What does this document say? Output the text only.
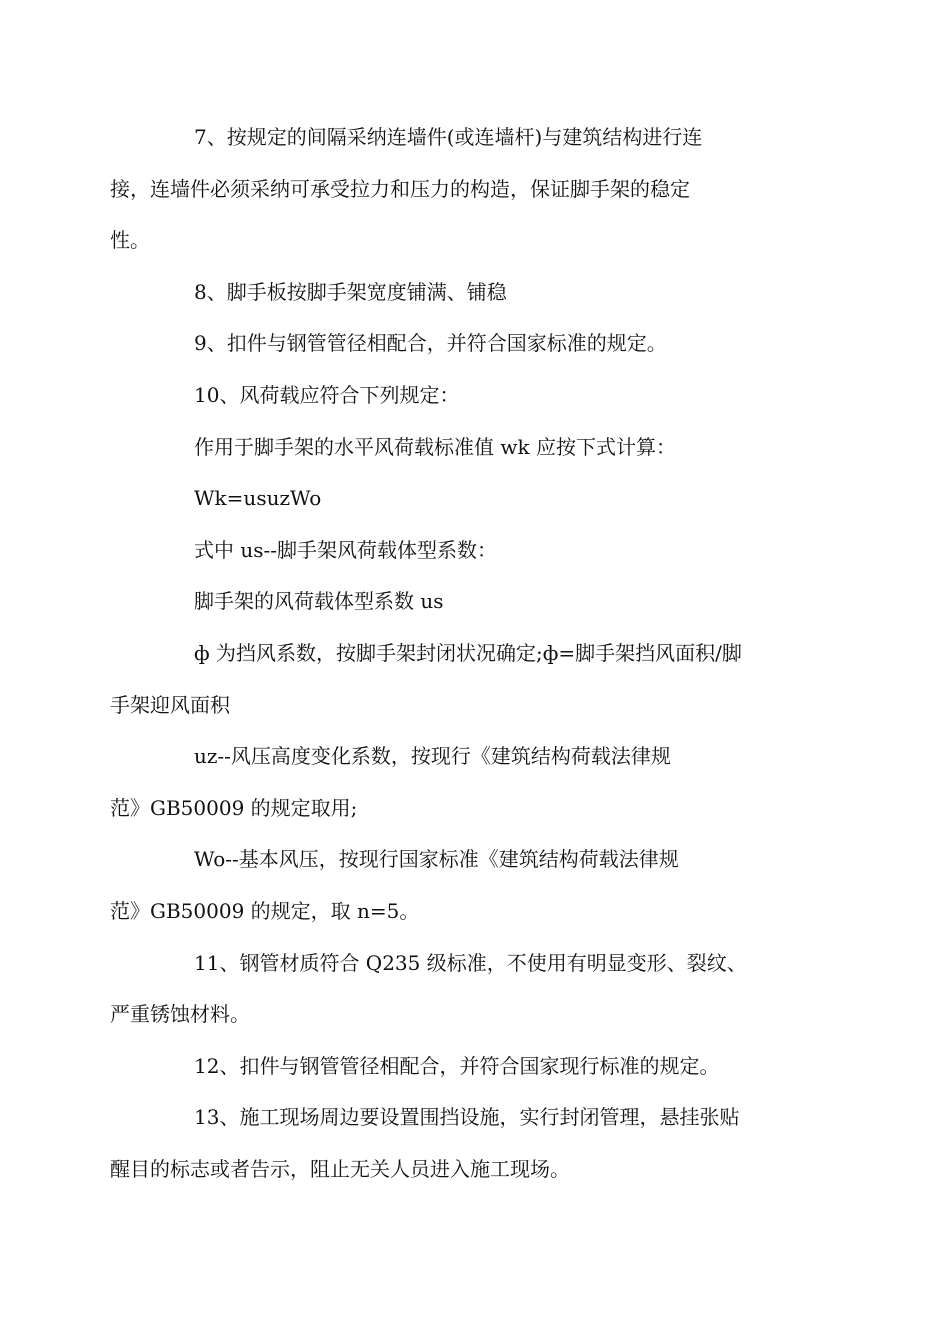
7、按规定的间隔采纳连墙件(或连墙杆)与建筑结构进行连
接，连墙件必须采纳可承受拉力和压力的构造，保证脚手架的稳定
性。

8、脚手板按脚手架宽度铺满、铺稳

9、扣件与钢管管径相配合，并符合国家标准的规定。

10、风荷载应符合下列规定：

作用于脚手架的水平风荷载标准值 wk 应按下式计算：

Wk=usuzWo

式中 us--脚手架风荷载体型系数：

脚手架的风荷载体型系数 us

ф 为挡风系数，按脚手架封闭状况确定;ф=脚手架挡风面积/脚
手架迎风面积

uz--风压高度变化系数，按现行《建筑结构荷载法律规
范》GB50009 的规定取用;

Wo--基本风压，按现行国家标准《建筑结构荷载法律规
范》GB50009 的规定，取 n=5。

11、钢管材质符合 Q235 级标准，不使用有明显变形、裂纹、
严重锈蚀材料。

12、扣件与钢管管径相配合，并符合国家现行标准的规定。

13、施工现场周边要设置围挡设施，实行封闭管理，悬挂张贴
醒目的标志或者告示，阻止无关人员进入施工现场。
